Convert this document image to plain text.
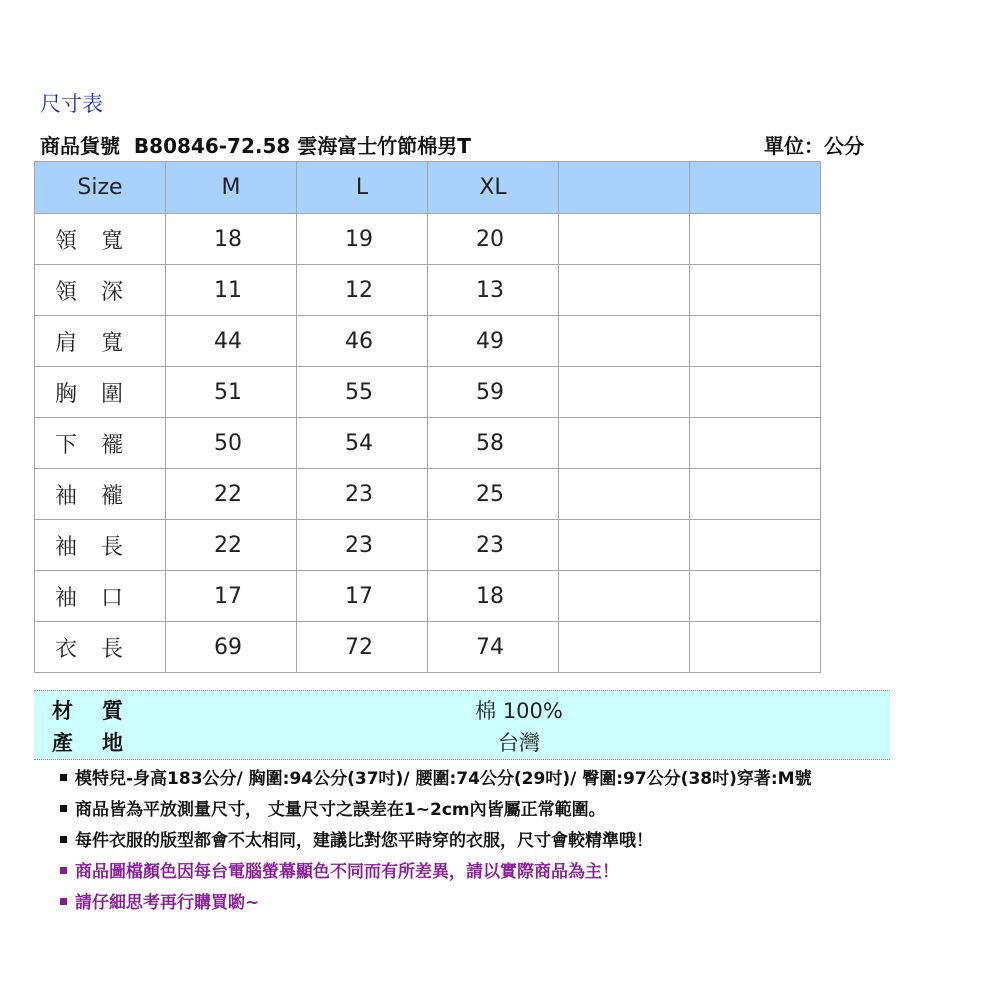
尺寸表
商品貨號  B80846-72.58 雲海富士竹節棉男T	單位：公分
Size	M	L	XL		
領 寬	18	19	20		
領 深	11	12	13		
肩 寬	44	46	49		
胸 圍	51	55	59		
下 襬	50	54	58		
袖 襱	22	23	25		
袖 長	22	23	23		
袖 口	17	17	18		
衣 長	69	72	74		
材 質	棉 100%
產 地	台灣
模特兒-身高183公分/ 胸圍:94公分(37吋)/ 腰圍:74公分(29吋)/ 臀圍:97公分(38吋)穿著:M號
商品皆為平放測量尺寸， 丈量尺寸之誤差在1~2cm內皆屬正常範圍。
每件衣服的版型都會不太相同，建議比對您平時穿的衣服，尺寸會較精準哦！
商品圖檔顏色因每台電腦螢幕顯色不同而有所差異，請以實際商品為主！
請仔細思考再行購買喲~
